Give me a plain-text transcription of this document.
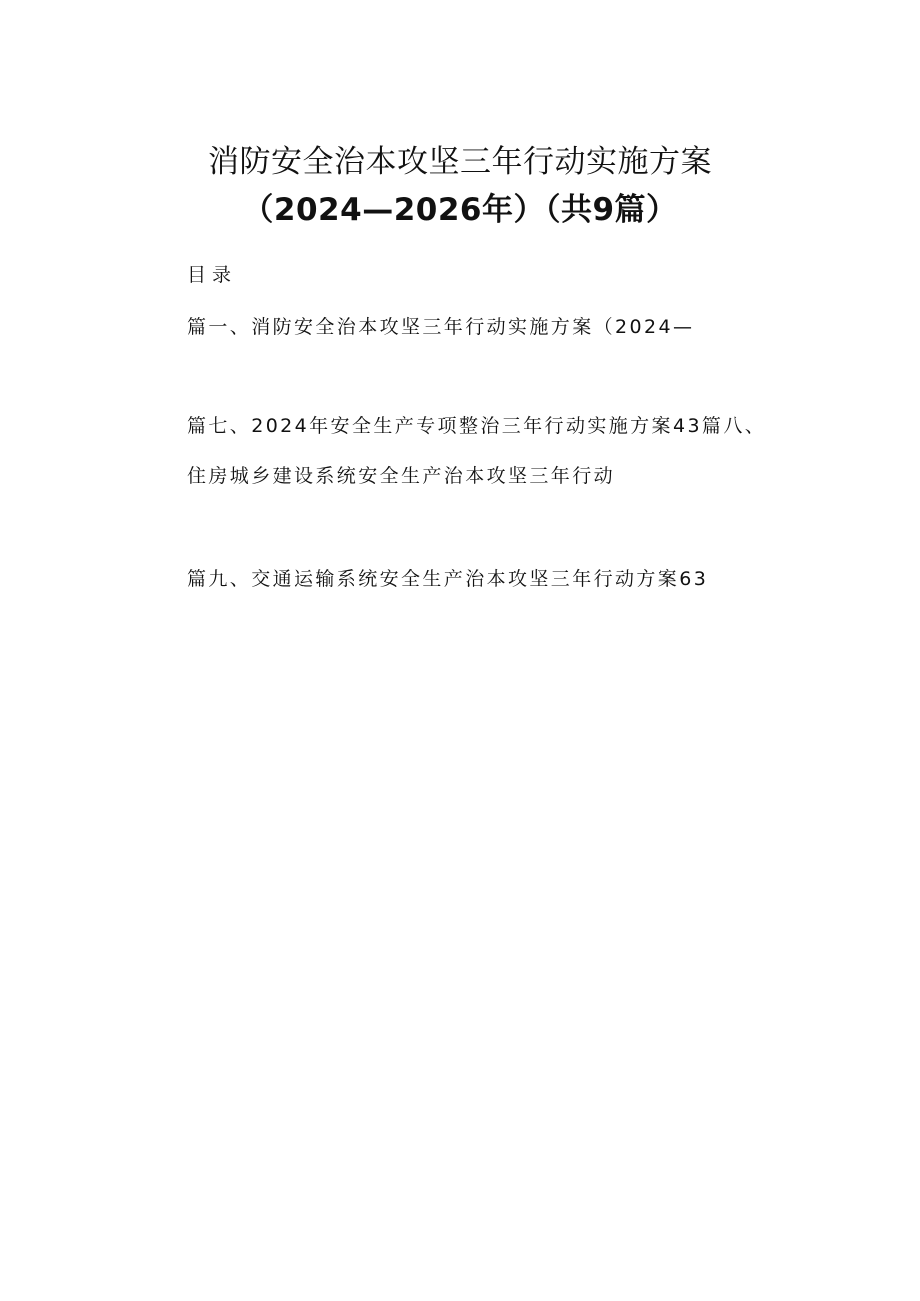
消防安全治本攻坚三年行动实施方案
（2024—2026年）（共9篇）
目录
篇一、消防安全治本攻坚三年行动实施方案（2024—
篇七、2024年安全生产专项整治三年行动实施方案43篇八、
住房城乡建设系统安全生产治本攻坚三年行动
篇九、交通运输系统安全生产治本攻坚三年行动方案63
